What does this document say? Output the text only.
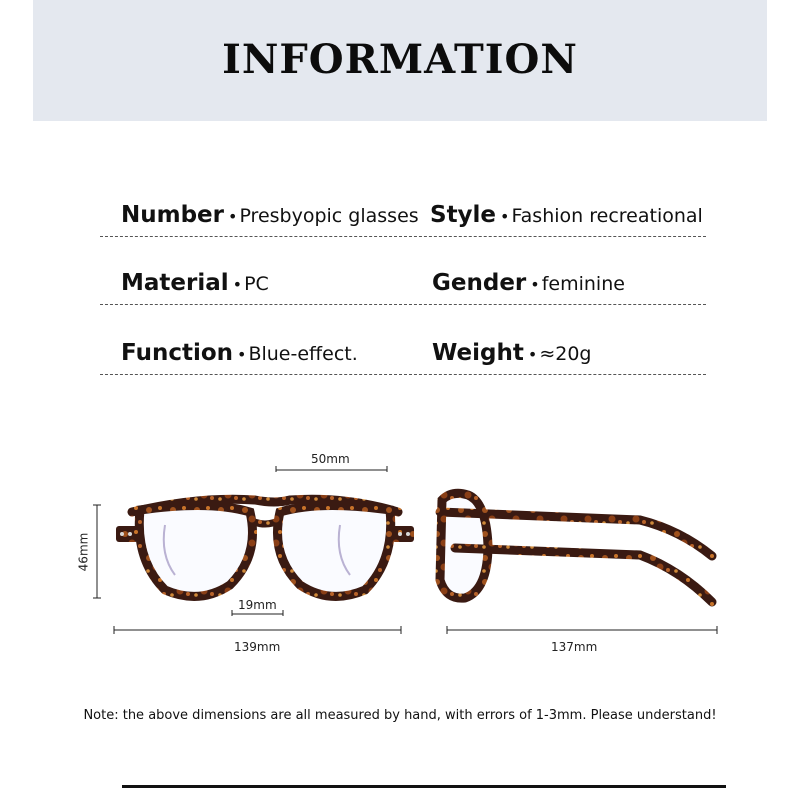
INFORMATION
Number • Presbyopic glasses Style • Fashion recreational
Material • PC	Gender • feminine
Function • Blue-effect.	Weight • ≈20g
50mm
46mm
19mm
139mm	137mm
Note: the above dimensions are all measured by hand, with errors of 1-3mm. Please understand!
